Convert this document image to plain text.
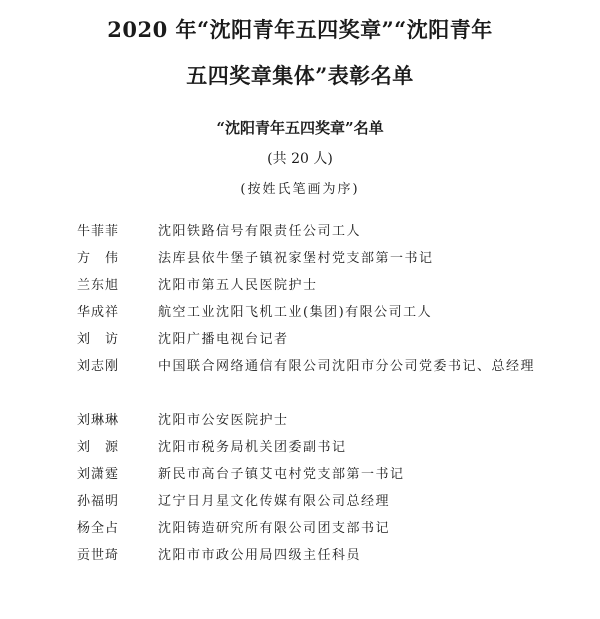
2020 年“沈阳青年五四奖章”“沈阳青年
五四奖章集体”表彰名单
“沈阳青年五四奖章”名单
(共 20 人)
(按姓氏笔画为序)
牛菲菲	沈阳铁路信号有限责任公司工人
方　伟	法库县依牛堡子镇祝家堡村党支部第一书记
兰东旭	沈阳市第五人民医院护士
华成祥	航空工业沈阳飞机工业(集团)有限公司工人
刘　访	沈阳广播电视台记者
刘志刚	中国联合网络通信有限公司沈阳市分公司党委书记、总经理
刘琳琳	沈阳市公安医院护士
刘　源	沈阳市税务局机关团委副书记
刘潇霆	新民市高台子镇艾屯村党支部第一书记
孙福明	辽宁日月星文化传媒有限公司总经理
杨全占	沈阳铸造研究所有限公司团支部书记
贡世琦	沈阳市市政公用局四级主任科员
